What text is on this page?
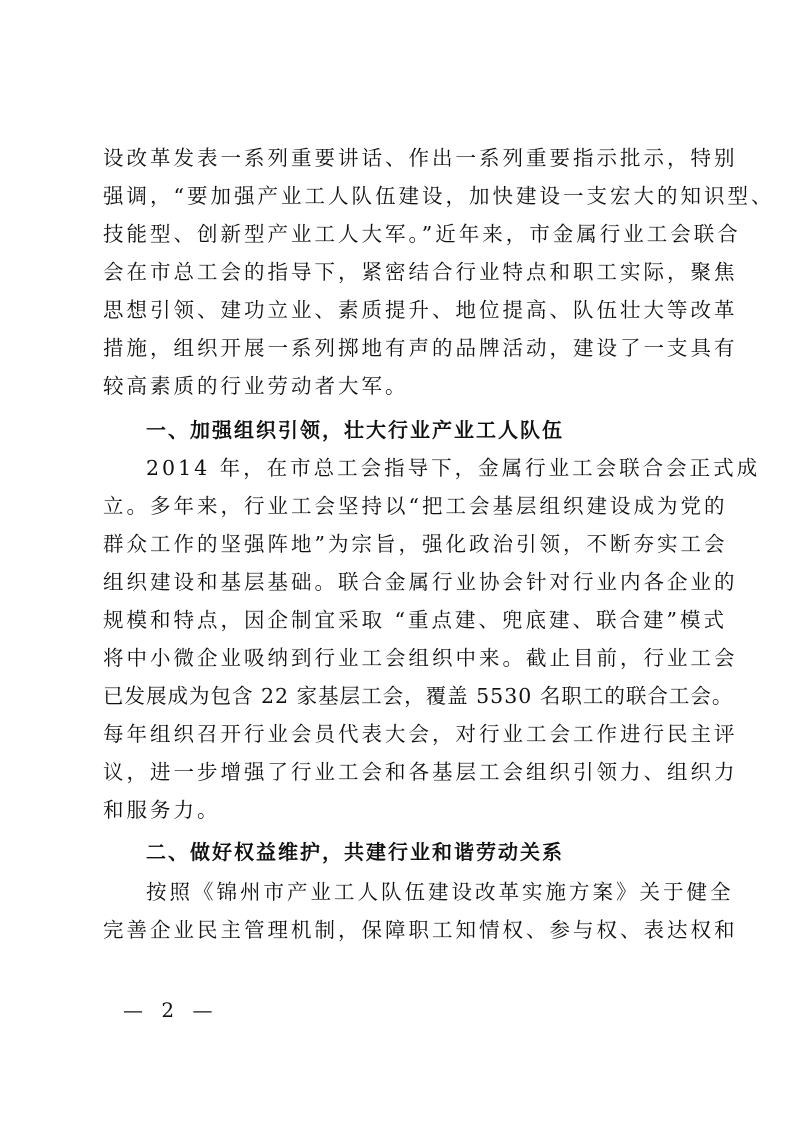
设改革发表一系列重要讲话、作出一系列重要指示批示，特别
强调，“要加强产业工人队伍建设，加快建设一支宏大的知识型、
技能型、创新型产业工人大军。”近年来，市金属行业工会联合
会在市总工会的指导下，紧密结合行业特点和职工实际，聚焦
思想引领、建功立业、素质提升、地位提高、队伍壮大等改革
措施，组织开展一系列掷地有声的品牌活动，建设了一支具有
较高素质的行业劳动者大军。
一、加强组织引领，壮大行业产业工人队伍
2014 年，在市总工会指导下，金属行业工会联合会正式成
立。多年来，行业工会坚持以“把工会基层组织建设成为党的
群众工作的坚强阵地”为宗旨，强化政治引领，不断夯实工会
组织建设和基层基础。联合金属行业协会针对行业内各企业的
规模和特点，因企制宜采取 “重点建、兜底建、联合建”模式
将中小微企业吸纳到行业工会组织中来。截止目前，行业工会
已发展成为包含 22 家基层工会，覆盖 5530 名职工的联合工会。
每年组织召开行业会员代表大会，对行业工会工作进行民主评
议，进一步增强了行业工会和各基层工会组织引领力、组织力
和服务力。
二、做好权益维护，共建行业和谐劳动关系
按照《锦州市产业工人队伍建设改革实施方案》关于健全
完善企业民主管理机制，保障职工知情权、参与权、表达权和
— 2 —
